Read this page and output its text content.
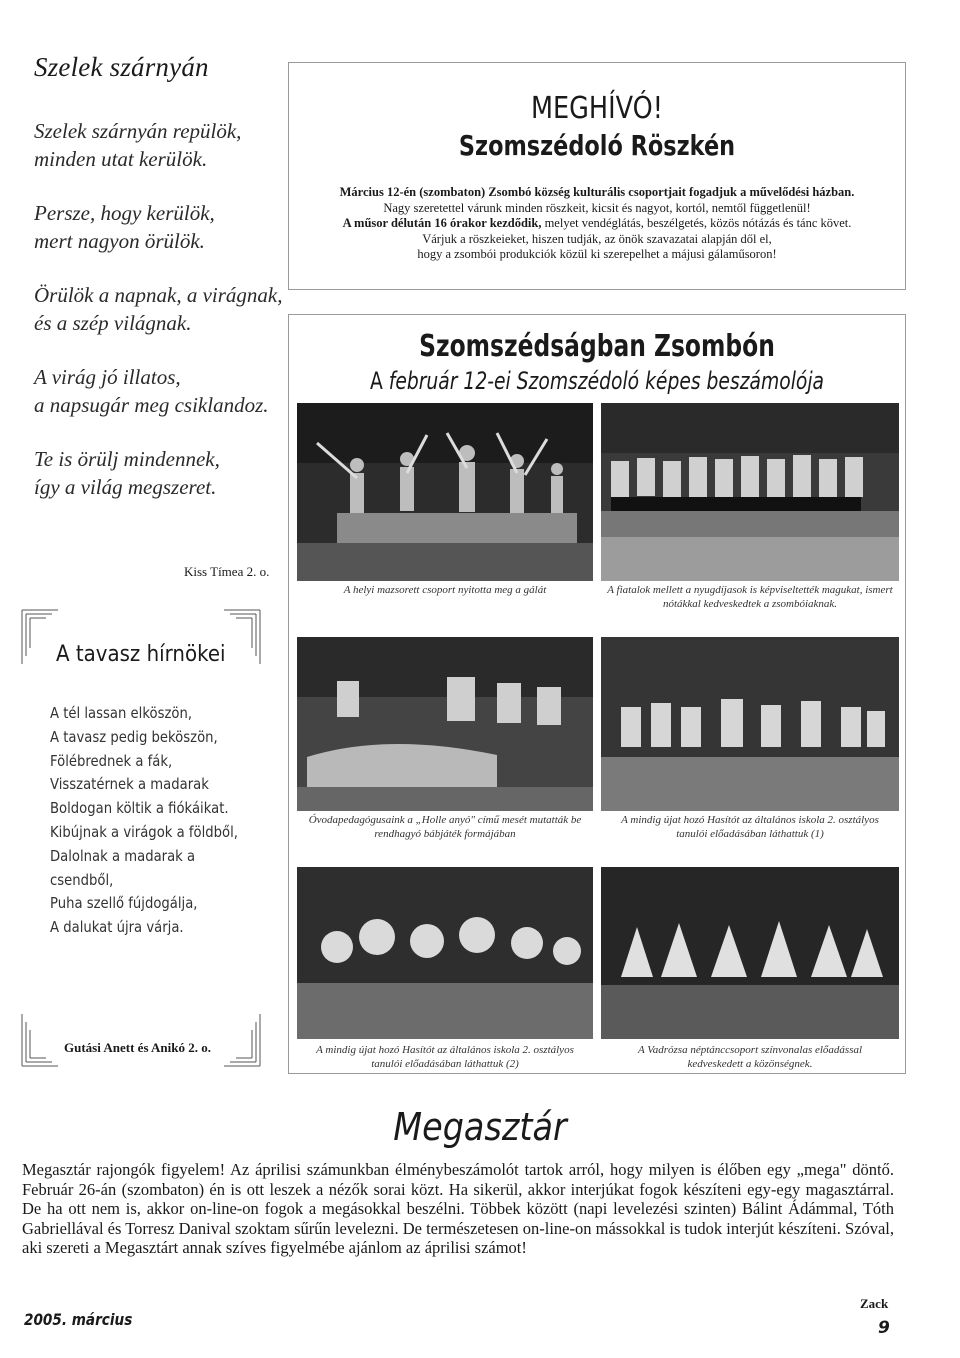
Szelek szárnyán
Szelek szárnyán repülök,
minden utat kerülök.
Persze, hogy kerülök,
mert nagyon örülök.
Örülök a napnak, a virágnak,
és a szép világnak.
A virág jó illatos,
a napsugár meg csiklandoz.
Te is örülj mindennek,
így a világ megszeret.
Kiss Tímea 2. o.
MEGHÍVÓ!
Szomszédoló Röszkén
Március 12-én (szombaton) Zsombó község kulturális csoportjait fogadjuk a művelődési házban.
Nagy szeretettel várunk minden röszkeit, kicsit és nagyot, kortól, nemtől függetlenül!
A műsor délután 16 órakor kezdődik, melyet vendéglátás, beszélgetés, közös nótázás és tánc követ.
Várjuk a röszkeieket, hiszen tudják, az önök szavazatai alapján dől el,
hogy a zsombói produkciók közül ki szerepelhet a májusi gálaműsoron!
Szomszédságban Zsombón
A február 12-ei Szomszédoló képes beszámolója
A helyi mazsorett csoport nyitotta meg a gálát	A fiatalok mellett a nyugdíjasok is képviseltették magukat, ismert nótákkal kedveskedtek a zsombóiaknak.
Óvodapedagógusaink a „Holle anyó" című mesét mutatták be rendhagyó bábjáték formájában
A mindig újat hozó Hasítót az általános iskola 2. osztályos tanulói előadásában láthattuk (1)
A mindig újat hozó Hasítót az általános iskola 2. osztályos tanulói előadásában láthattuk (2)
A Vadrózsa néptánccsoport színvonalas előadással kedveskedett a közönségnek.
A tavasz hírnökei
A tél lassan elköszön,
A tavasz pedig beköszön,
Fölébrednek a fák,
Visszatérnek a madarak
Boldogan költik a fiókáikat.
Kibújnak a virágok a földből,
Dalolnak a madarak a
csendből,
Puha szellő fújdogálja,
A dalukat újra várja.
Gutási Anett és Anikó 2. o.
Megasztár
Megasztár rajongók figyelem! Az áprilisi számunkban élménybeszámolót tartok arról, hogy milyen is élőben egy „mega" döntő. Február 26-án (szombaton) én is ott leszek a nézők sorai közt. Ha sikerül, akkor interjúkat fogok készíteni egy-egy magasztárral. De ha ott nem is, akkor on-line-on fogok a megásokkal beszélni. Többek között (napi levelezési szinten) Bálint Ádámmal, Tóth Gabriellával és Torresz Danival szoktam sűrűn levelezni. De természetesen on-line-on mássokkal is tudok interjút készíteni. Szóval, aki szereti a Megasztárt annak szíves figyelmébe ajánlom az áprilisi számot!
Zack
2005. március	9
